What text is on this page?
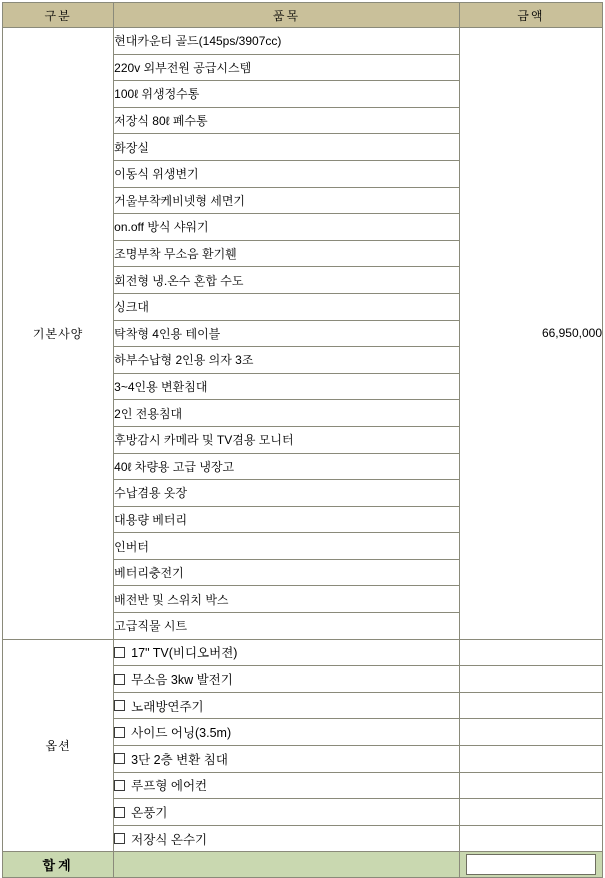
구분	품목	금액
기본사양	현대카운티 골드(145ps/3907cc)	66,950,000
	220v 외부전원 공급시스템	
	100ℓ 위생정수통	
	저장식 80ℓ 폐수통	
	화장실	
	이동식 위생변기	
	거울부착케비넷형 세면기	
	on.off 방식 샤워기	
	조명부착 무소음 환기휀	
	회전형 냉.온수 혼합 수도	
	싱크대	
	탁착형 4인용 테이블	
	하부수납형 2인용 의자 3조	
	3~4인용 변환침대	
	2인 전용침대	
	후방감시 카메라 및 TV겸용 모니터	
	40ℓ 차량용 고급 냉장고	
	수납겸용 옷장	
	대용량 베터리	
	인버터	
	베터리충전기	
	배전반 및 스위치 박스	
	고급직물 시트	
옵션	17" TV(비디오버젼)	
	무소음 3kw 발전기	
	노래방연주기	
	사이드 어닝(3.5m)	
	3단 2층 변환 침대	
	루프형 에어컨	
	온풍기	
	저장식 온수기	
합계		
